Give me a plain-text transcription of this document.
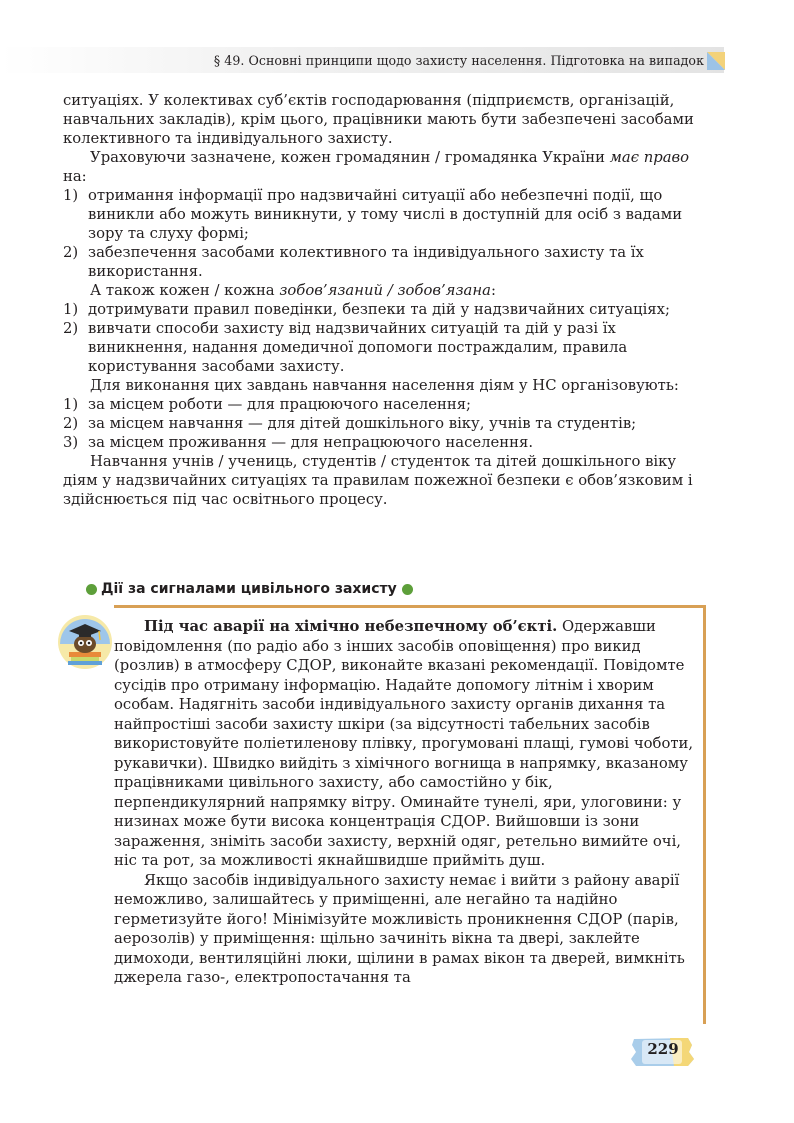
§ 49. Основні принципи щодо захисту населення. Підготовка на випадок

ситуаціях. У колективах суб’єктів господарювання (підприємств, організацій, навчальних закладів), крім цього, працівники мають бути забезпечені засобами колективного та індивідуального захисту.

Ураховуючи зазначене, кожен громадянин / громадянка України має право на:

1) отримання інформації про надзвичайні ситуації або небезпечні події, що виникли або можуть виникнути, у тому числі в доступній для осіб з вадами зору та слуху формі;
2) забезпечення засобами колективного та індивідуального захисту та їх використання.

А також кожен / кожна зобов’язаний / зобов’язана:

1) дотримувати правил поведінки, безпеки та дій у надзвичайних ситуаціях;
2) вивчати способи захисту від надзвичайних ситуацій та дій у разі їх виникнення, надання домедичної допомоги постраждалим, правила користування засобами захисту.

Для виконання цих завдань навчання населення діям у НС організовують:

1) за місцем роботи — для працюючого населення;
2) за місцем навчання — для дітей дошкільного віку, учнів та студентів;
3) за місцем проживання — для непрацюючого населення.

Навчання учнів / учениць, студентів / студенток та дітей дошкільного віку діям у надзвичайних ситуаціях та правилам пожежної безпеки є обов’язковим і здійснюється під час освітнього процесу.

Дії за сигналами цивільного захисту

Під час аварії на хімічно небезпечному об’єкті. Одержавши повідомлення (по радіо або з інших засобів оповіщення) про викид (розлив) в атмосферу СДОР, виконайте вказані рекомендації. Повідомте сусідів про отриману інформацію. Надайте допомогу літнім і хворим особам. Надягніть засоби індивідуального захисту органів дихання та найпростіші засоби захисту шкіри (за відсутності табельних засобів використовуйте поліетиленову плівку, прогумовані плащі, гумові чоботи, рукавички). Швидко вийдіть з хімічного вогнища в напрямку, вказаному працівниками цивільного захисту, або самостійно у бік, перпендикулярний напрямку вітру. Оминайте тунелі, яри, улоговини: у низинах може бути висока концентрація СДОР. Вийшовши із зони зараження, зніміть засоби захисту, верхній одяг, ретельно вимийте очі, ніс та рот, за можливості якнайшвидше прийміть душ.

Якщо засобів індивідуального захисту немає і вийти з району аварії неможливо, залишайтесь у приміщенні, але негайно та надійно герметизуйте його! Мінімізуйте можливість проникнення СДОР (парів, аерозолів) у приміщення: щільно зачиніть вікна та двері, заклейте димоходи, вентиляційні люки, щілини в рамах вікон та дверей, вимкніть джерела газо-, електропостачання та

229
